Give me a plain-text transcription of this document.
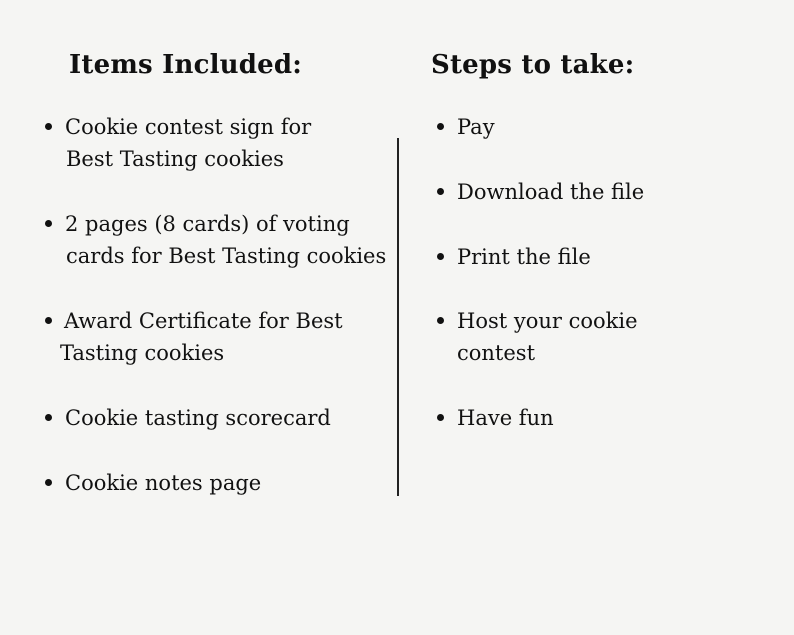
Items Included:	Steps to take:
Cookie contest sign for
Best Tasting cookies
2 pages (8 cards) of voting
cards for Best Tasting cookies
Award Certificate for Best
Tasting cookies
Cookie tasting scorecard
Cookie notes page
Pay
Download the file
Print the file
Host your cookie
contest
Have fun
